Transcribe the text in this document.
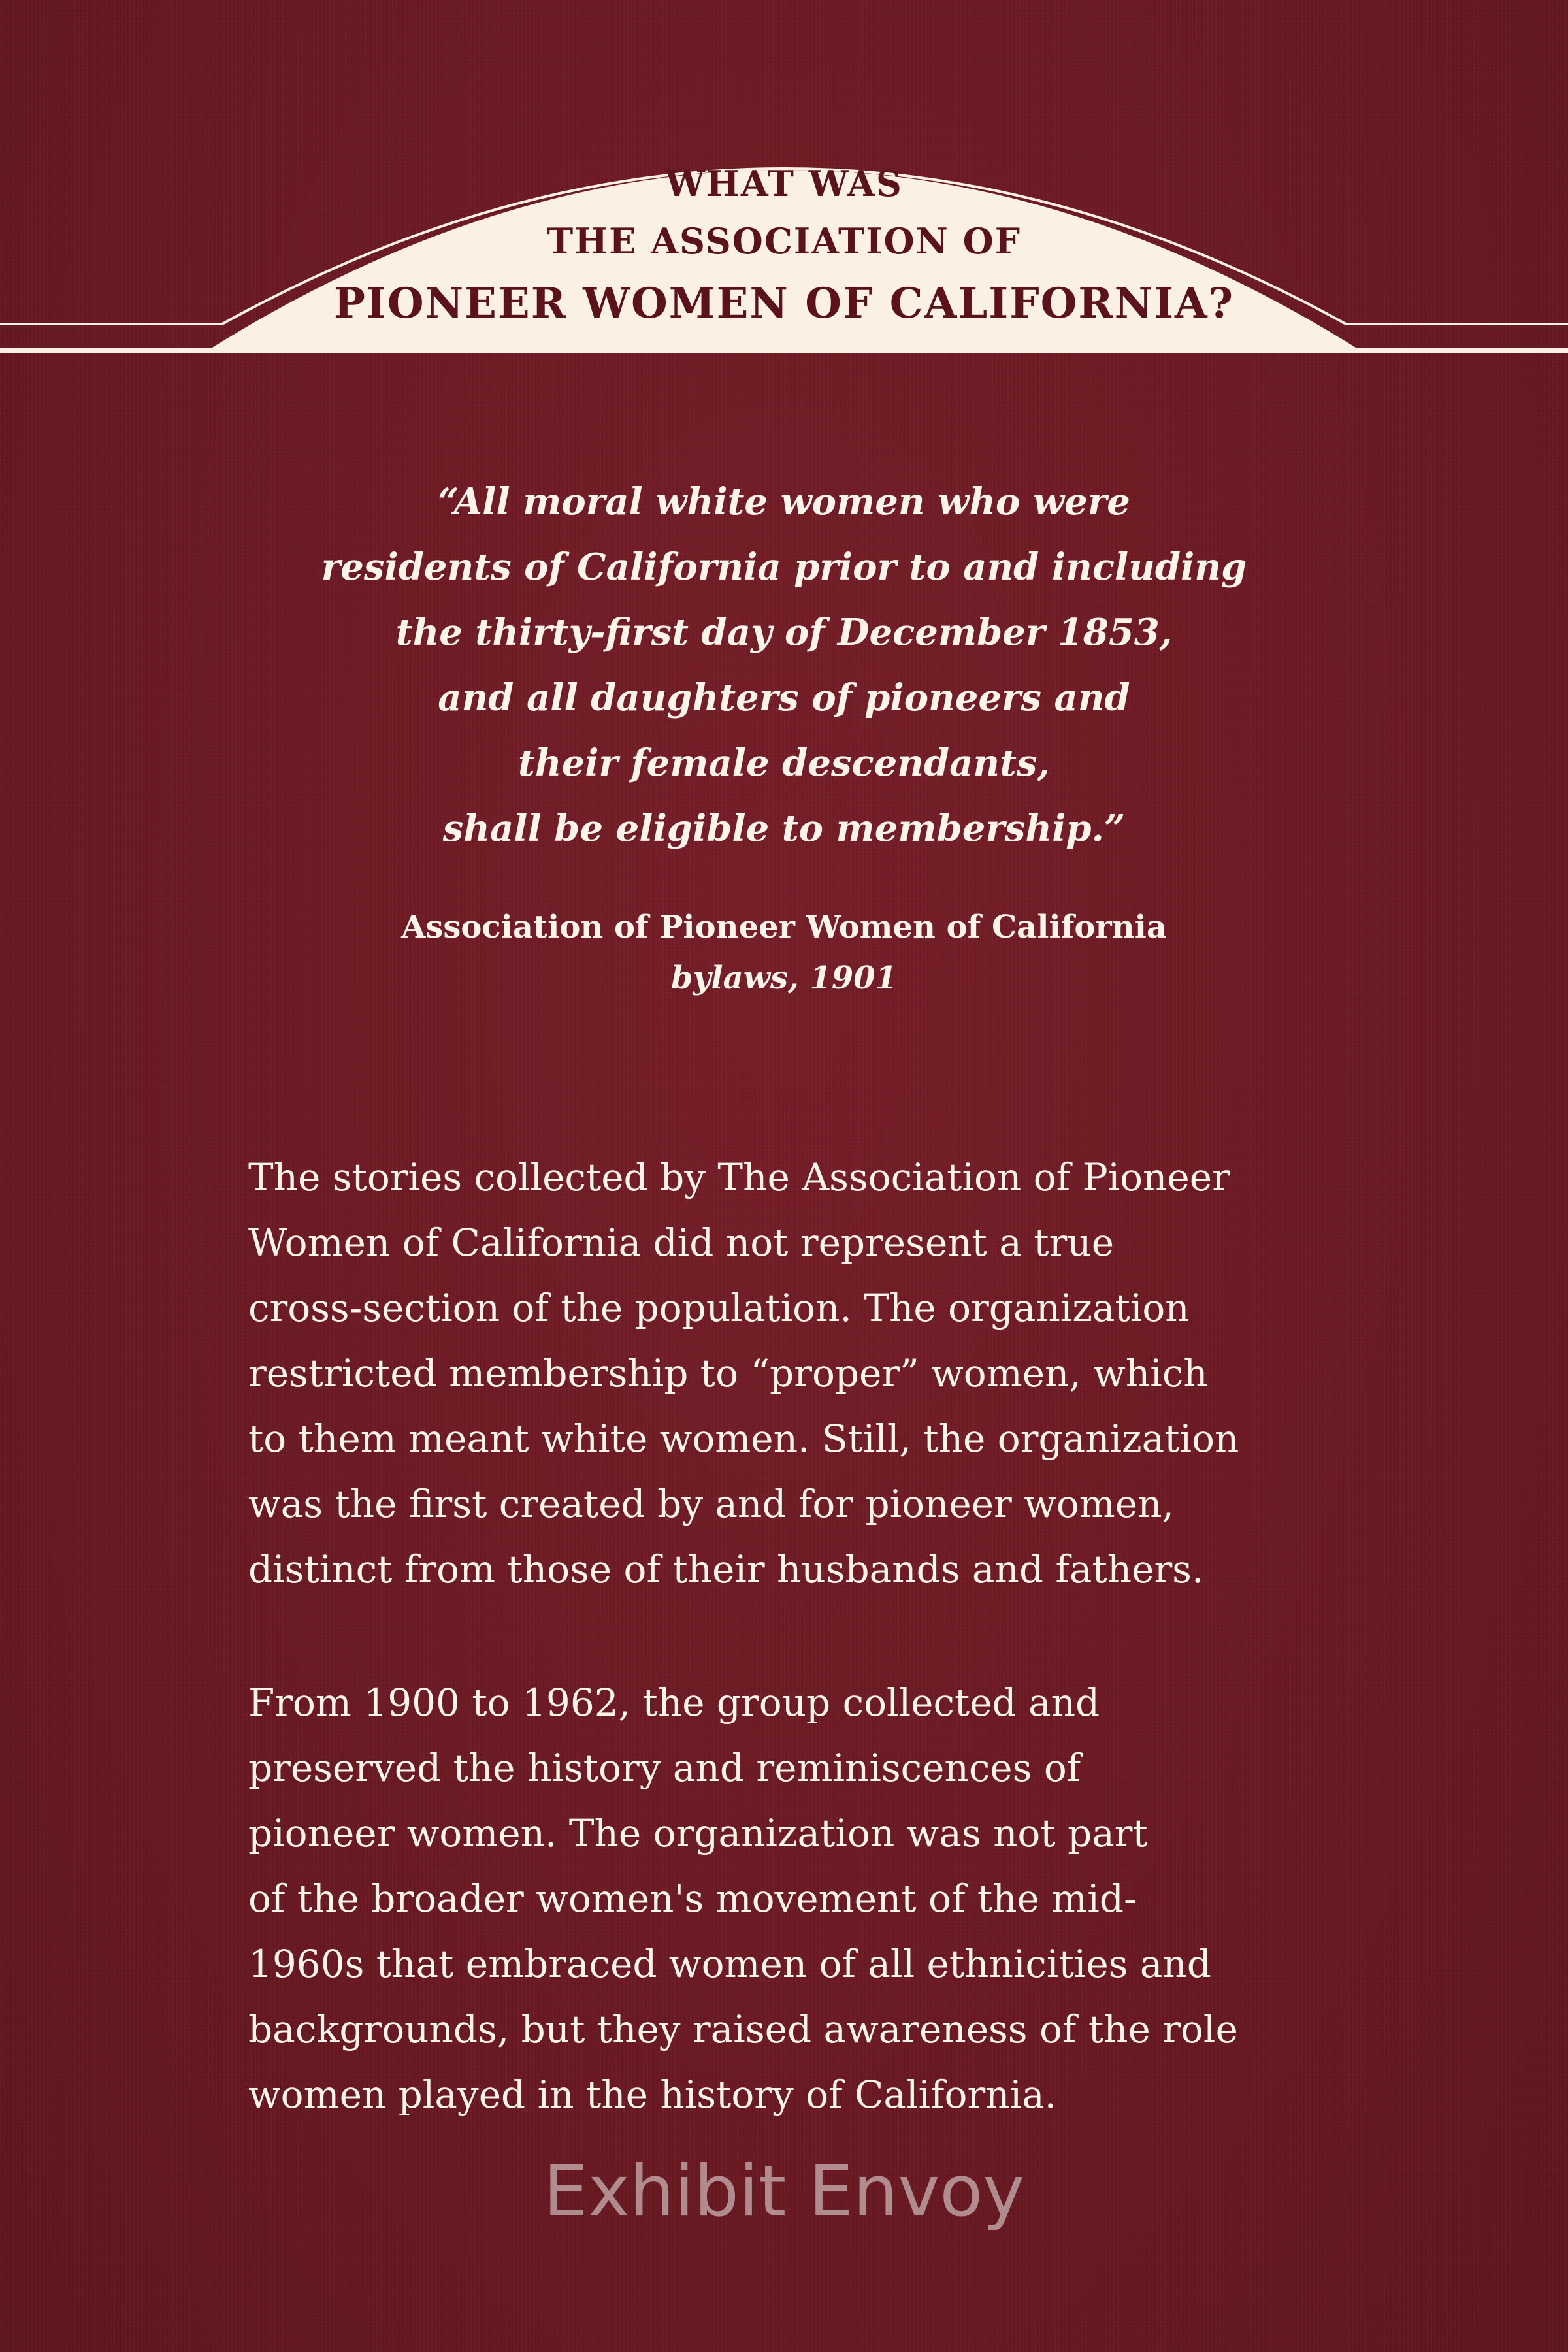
WHAT WAS
THE ASSOCIATION OF
PIONEER WOMEN OF CALIFORNIA?

“All moral white women who were
residents of California prior to and including
the thirty-first day of December 1853,
and all daughters of pioneers and
their female descendants,
shall be eligible to membership.”

Association of Pioneer Women of California
bylaws, 1901

The stories collected by The Association of Pioneer
Women of California did not represent a true
cross-section of the population. The organization
restricted membership to “proper” women, which
to them meant white women. Still, the organization
was the first created by and for pioneer women,
distinct from those of their husbands and fathers.

From 1900 to 1962, the group collected and
preserved the history and reminiscences of
pioneer women. The organization was not part
of the broader women's movement of the mid-
1960s that embraced women of all ethnicities and
backgrounds, but they raised awareness of the role
women played in the history of California.

Exhibit Envoy
